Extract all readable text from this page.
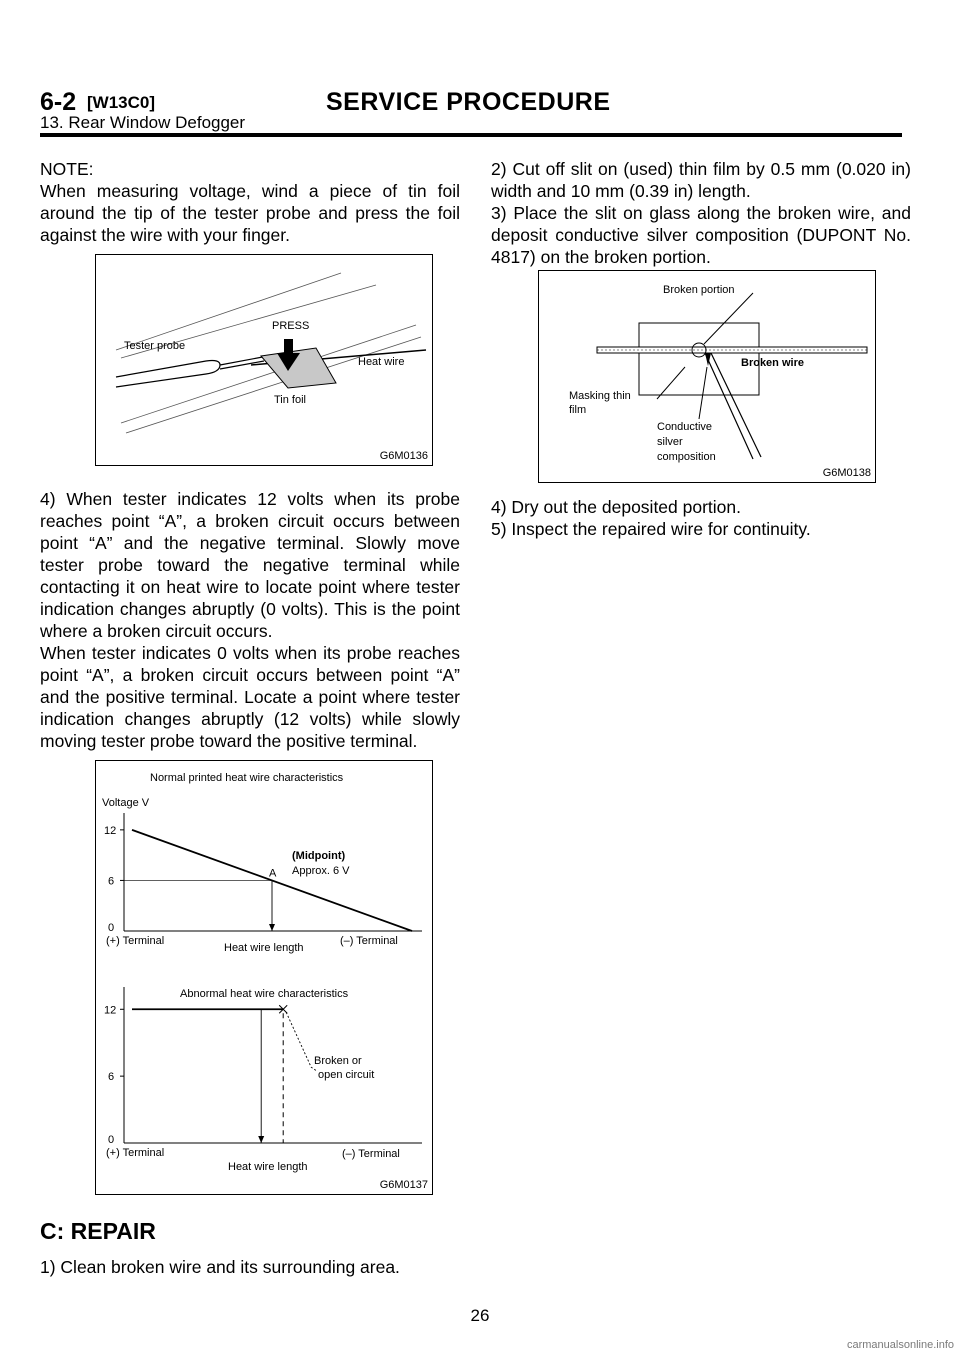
6-2 [W13C0]	SERVICE PROCEDURE
13. Rear Window Defogger

NOTE:

When measuring voltage, wind a piece of tin foil around the tip of the tester probe and press the foil against the wire with your finger.

Tester probe
PRESS
Heat wire
Tin foil
G6M0136

4) When tester indicates 12 volts when its probe reaches point “A”, a broken circuit occurs between point “A” and the negative terminal. Slowly move tester probe toward the negative terminal while contacting it on heat wire to locate point where tester indication changes abruptly (0 volts). This is the point where a broken circuit occurs.

When tester indicates 0 volts when its probe reaches point “A”, a broken circuit occurs between point “A” and the positive terminal. Locate a point where tester indication changes abruptly (12 volts) while slowly moving tester probe toward the positive terminal.

Normal printed heat wire characteristics
Voltage V
12
6
0
A
(Midpoint)
Approx. 6 V
(+) Terminal
Heat wire length
(–) Terminal
Abnormal heat wire characteristics
12
6
0
Broken or
open circuit
(+) Terminal
Heat wire length
(–) Terminal
G6M0137
C: REPAIR

1) Clean broken wire and its surrounding area.

2) Cut off slit on (used) thin film by 0.5 mm (0.020 in) width and 10 mm (0.39 in) length.

3) Place the slit on glass along the broken wire, and deposit conductive silver composition (DUPONT No. 4817) on the broken portion.

Broken portion
Broken wire
Masking thin
film
Conductive
silver
composition
G6M0138

4) Dry out the deposited portion.

5) Inspect the repaired wire for continuity.

26
carmanualsonline.info
